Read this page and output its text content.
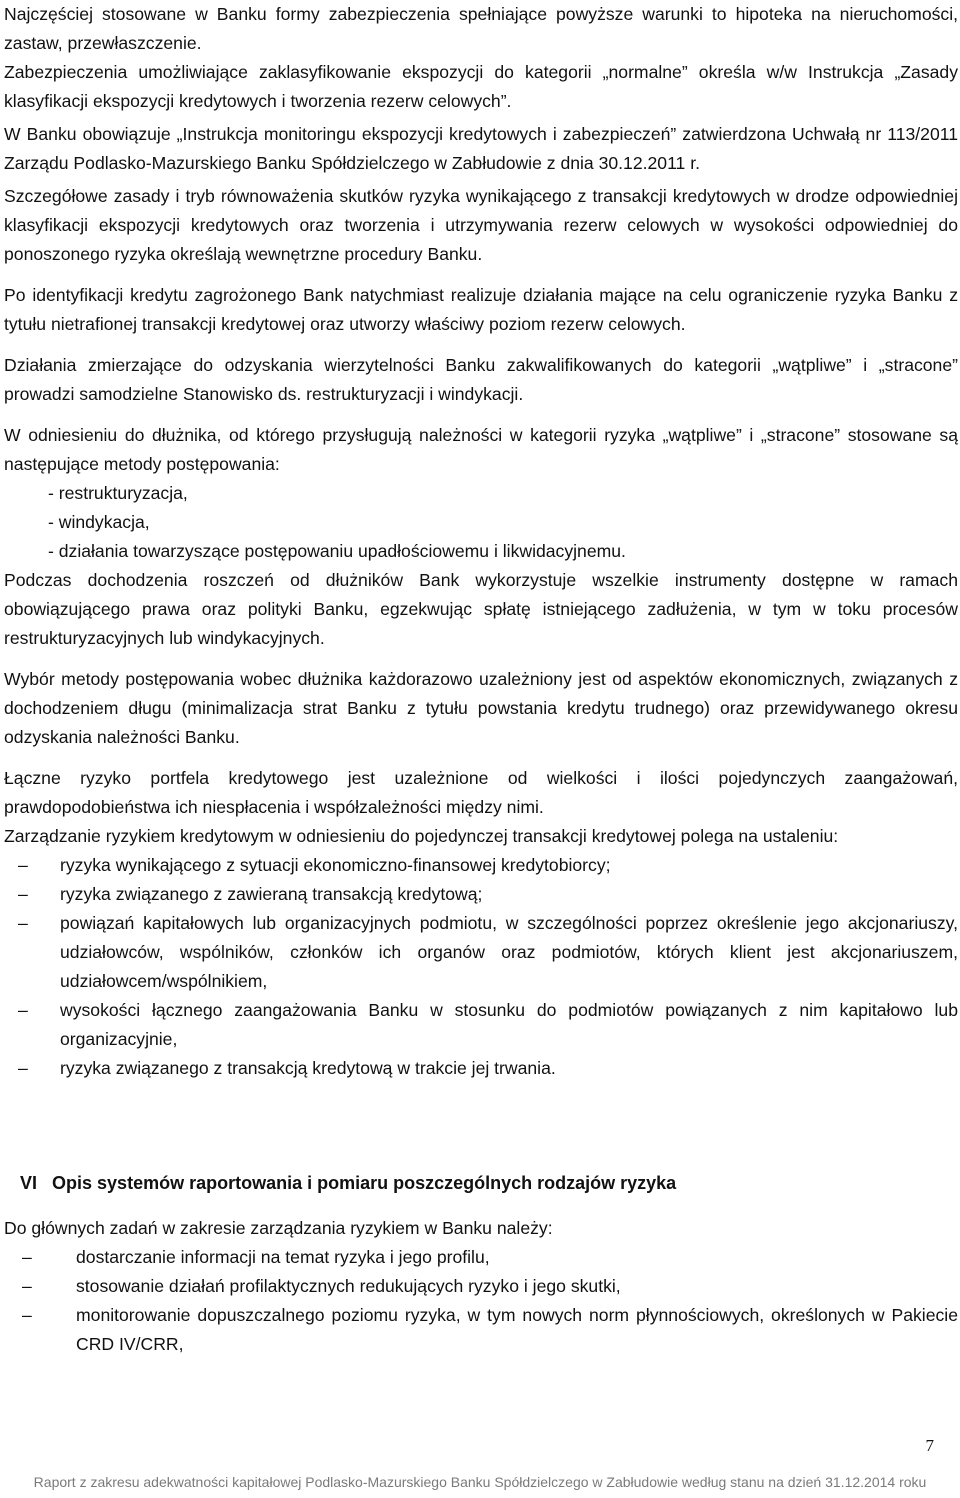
Najczęściej stosowane w Banku formy zabezpieczenia spełniające powyższe warunki to hipoteka na nieruchomości, zastaw, przewłaszczenie.

Zabezpieczenia umożliwiające zaklasyfikowanie ekspozycji do kategorii „normalne” określa w/w Instrukcja „Zasady klasyfikacji ekspozycji kredytowych i tworzenia rezerw celowych”.

W Banku obowiązuje „Instrukcja monitoringu ekspozycji kredytowych i zabezpieczeń” zatwierdzona Uchwałą nr 113/2011 Zarządu Podlasko-Mazurskiego Banku Spółdzielczego w Zabłudowie z dnia 30.12.2011 r.

Szczegółowe zasady i tryb równoważenia skutków ryzyka wynikającego z transakcji kredytowych w drodze odpowiedniej klasyfikacji ekspozycji kredytowych oraz tworzenia i utrzymywania rezerw celowych w wysokości odpowiedniej do ponoszonego ryzyka określają wewnętrzne procedury Banku.

Po identyfikacji kredytu zagrożonego Bank natychmiast realizuje działania mające na celu ograniczenie ryzyka Banku z tytułu nietrafionej transakcji kredytowej oraz utworzy właściwy poziom rezerw celowych.

Działania zmierzające do odzyskania wierzytelności Banku zakwalifikowanych do kategorii „wątpliwe” i „stracone” prowadzi samodzielne Stanowisko ds. restrukturyzacji i windykacji.

W odniesieniu do dłużnika, od którego przysługują należności w kategorii ryzyka „wątpliwe” i „stracone” stosowane są następujące metody postępowania:

- restrukturyzacja,
- windykacja,
- działania towarzyszące postępowaniu upadłościowemu i likwidacyjnemu.

Podczas dochodzenia roszczeń od dłużników Bank wykorzystuje wszelkie instrumenty dostępne w ramach obowiązującego prawa oraz polityki Banku, egzekwując spłatę istniejącego zadłużenia, w tym w toku procesów restrukturyzacyjnych lub windykacyjnych.

Wybór metody postępowania wobec dłużnika każdorazowo uzależniony jest od aspektów ekonomicznych, związanych z dochodzeniem długu (minimalizacja strat Banku z tytułu powstania kredytu trudnego) oraz przewidywanego okresu odzyskania należności Banku.

Łączne ryzyko portfela kredytowego jest uzależnione od wielkości i ilości pojedynczych zaangażowań, prawdopodobieństwa ich niespłacenia i współzależności między nimi.

Zarządzanie ryzykiem kredytowym w odniesieniu do pojedynczej transakcji kredytowej polega na ustaleniu:

– ryzyka wynikającego z sytuacji ekonomiczno-finansowej kredytobiorcy;
– ryzyka związanego z zawieraną transakcją kredytową;
– powiązań kapitałowych lub organizacyjnych podmiotu, w szczególności poprzez określenie jego akcjonariuszy, udziałowców, wspólników, członków ich organów oraz podmiotów, których klient jest akcjonariuszem, udziałowcem/wspólnikiem,
– wysokości łącznego zaangażowania Banku w stosunku do podmiotów powiązanych z nim kapitałowo lub organizacyjnie,
– ryzyka związanego z transakcją kredytową w trakcie jej trwania.
VI Opis systemów raportowania i pomiaru poszczególnych rodzajów ryzyka

Do głównych zadań w zakresie zarządzania ryzykiem w Banku należy:

–	dostarczanie informacji na temat ryzyka i jego profilu,
–	stosowanie działań profilaktycznych redukujących ryzyko i jego skutki,
–	monitorowanie dopuszczalnego poziomu ryzyka, w tym nowych norm płynnościowych, określonych w Pakiecie CRD IV/CRR,
7
Raport z zakresu adekwatności kapitałowej Podlasko-Mazurskiego Banku Spółdzielczego w Zabłudowie według stanu na dzień 31.12.2014 roku
